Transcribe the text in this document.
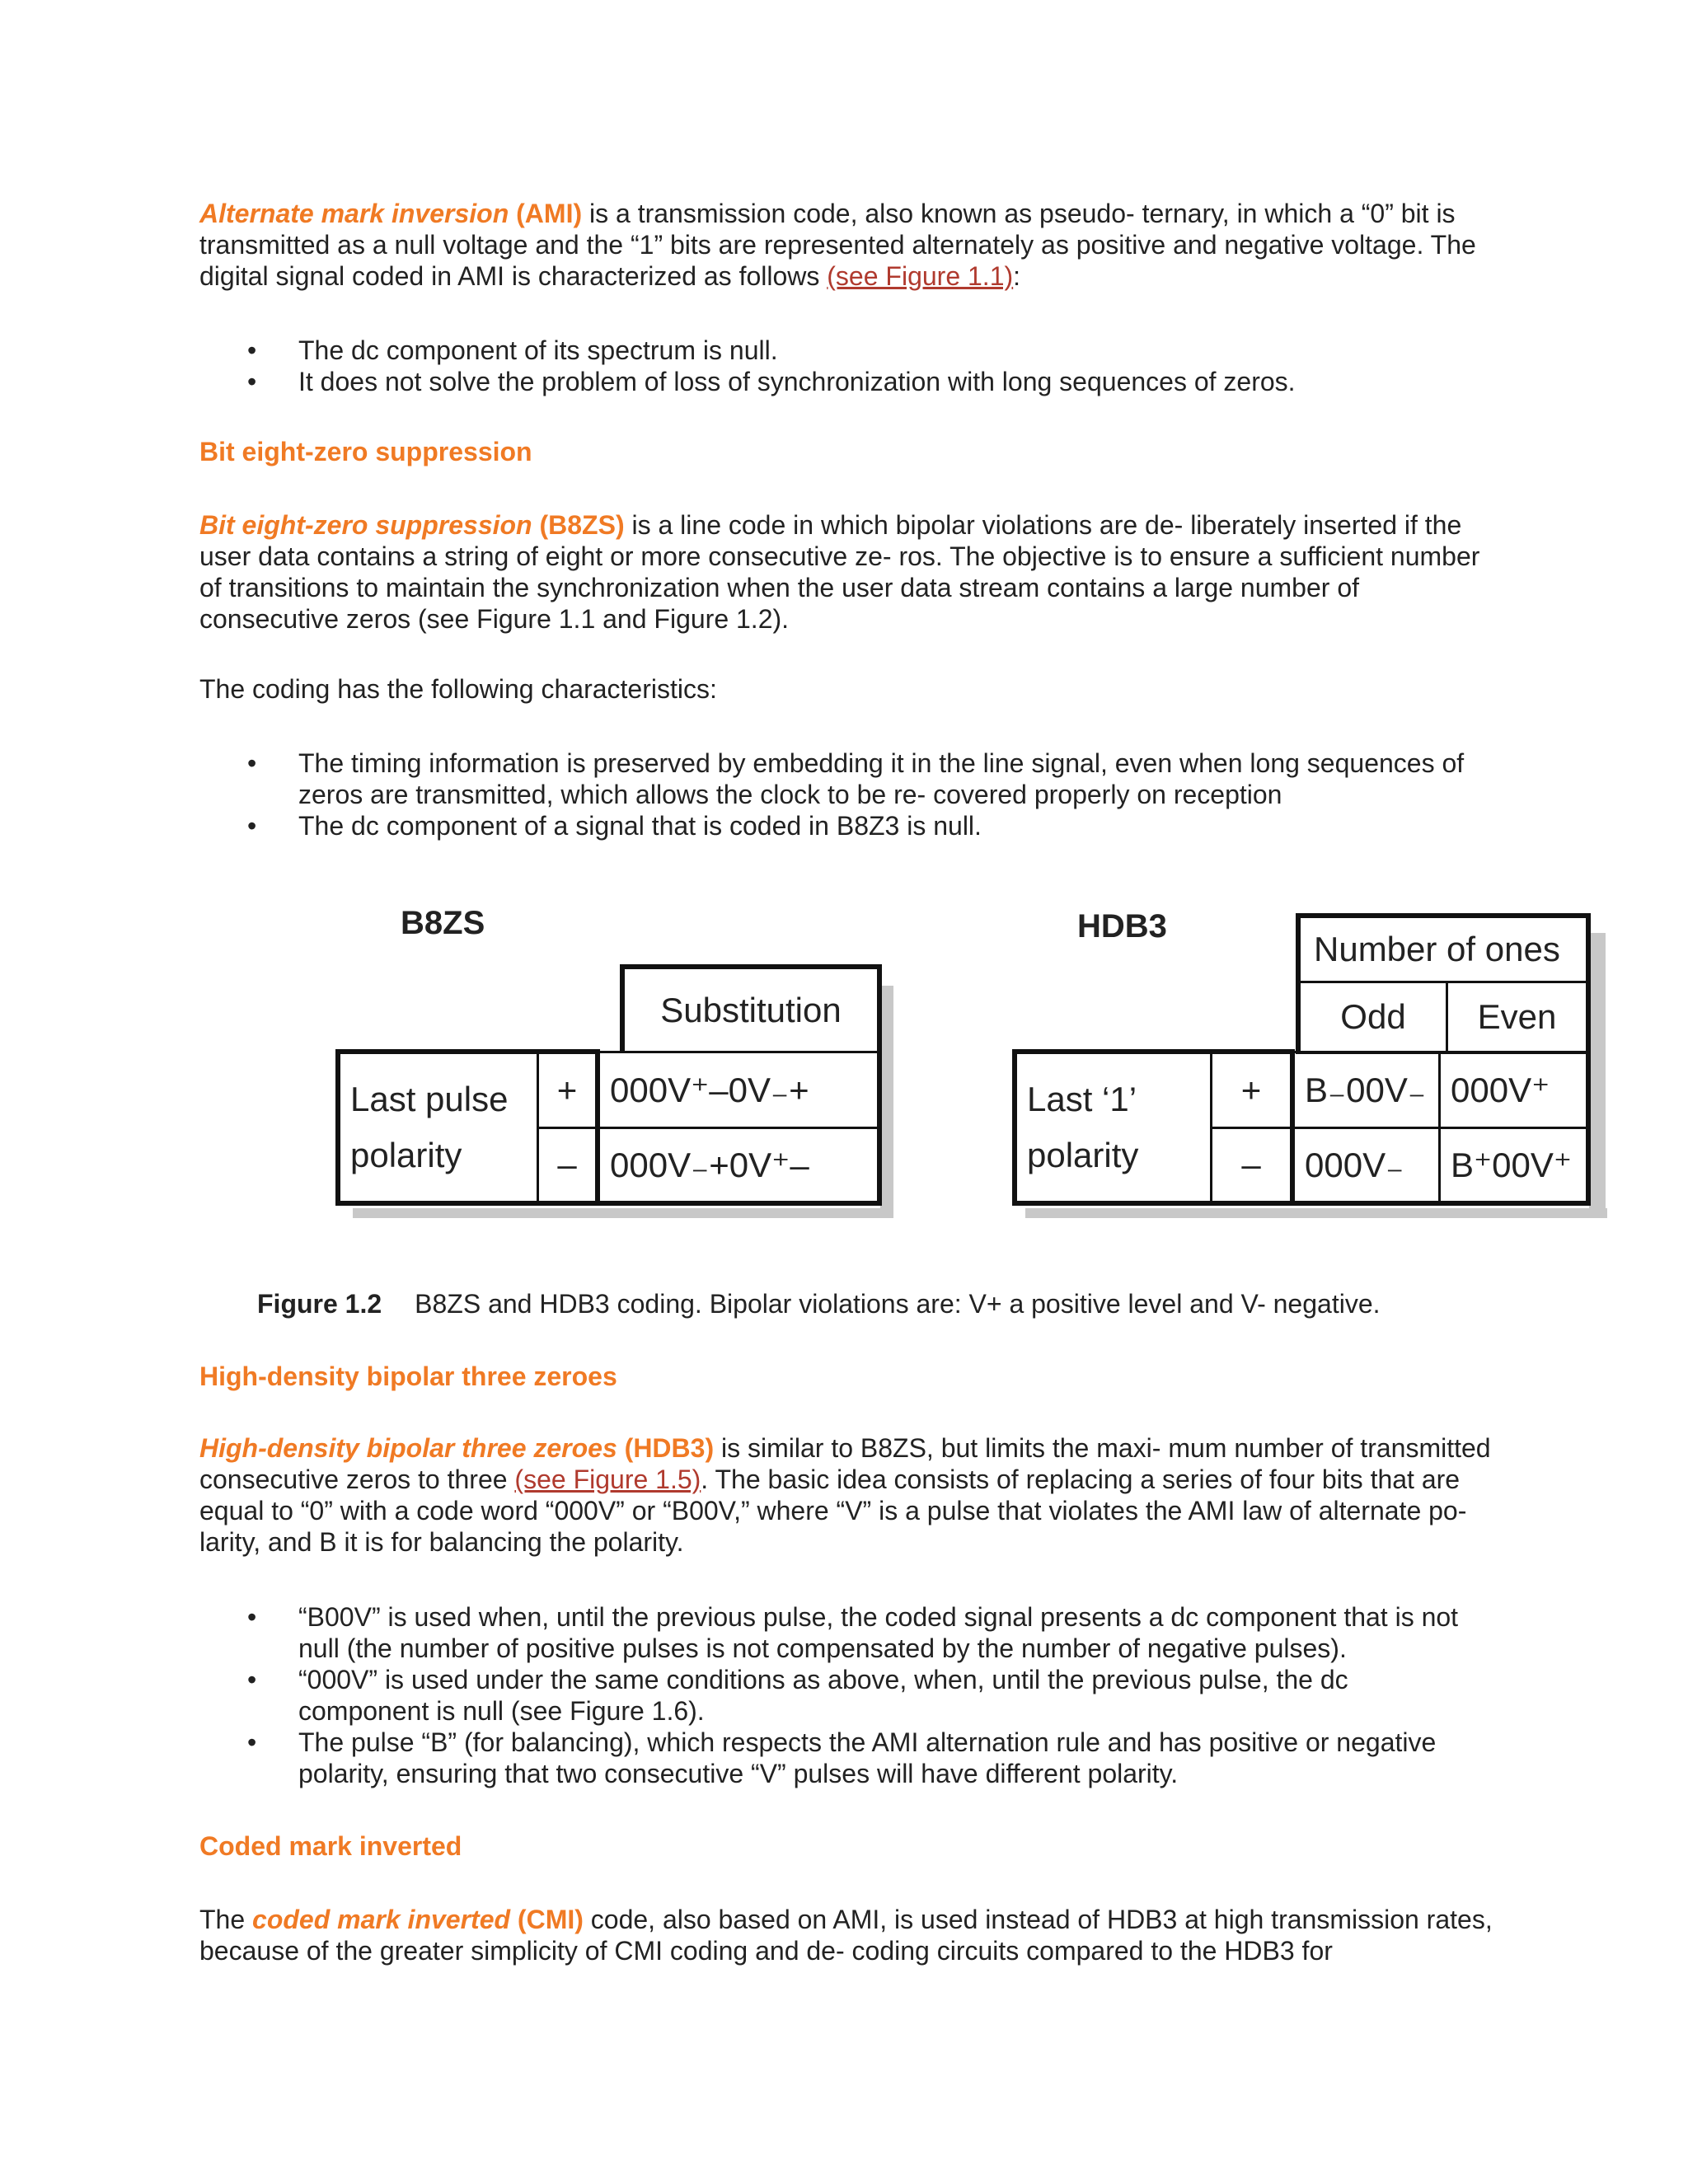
Alternate mark inversion (AMI) is a transmission code, also known as pseudo- ternary, in which a “0” bit is transmitted as a null voltage and the “1” bits are represented alternately as positive and negative voltage. The digital signal coded in AMI is characterized as follows (see Figure 1.1):

• The dc component of its spectrum is null.
• It does not solve the problem of loss of synchronization with long sequences of zeros.
Bit eight-zero suppression

Bit eight-zero suppression (B8ZS) is a line code in which bipolar violations are de- liberately inserted if the user data contains a string of eight or more consecutive ze- ros. The objective is to ensure a sufficient number of transitions to maintain the synchronization when the user data stream contains a large number of consecutive zeros (see Figure 1.1 and Figure 1.2).

The coding has the following characteristics:

• The timing information is preserved by embedding it in the line signal, even when long sequences of zeros are transmitted, which allows the clock to be re- covered properly on reception
• The dc component of a signal that is coded in B8Z3 is null.
B8ZS	HDB3
Substitution
Last pulse polarity	+	000V⁺–0V₋+
	–	000V₋+0V⁺–
Number of ones
Odd	Even
Last ‘1’ polarity	+	B₋00V₋	000V⁺
	–	000V₋	B⁺00V⁺
Figure 1.2 B8ZS and HDB3 coding. Bipolar violations are: V+ a positive level and V- negative.
High-density bipolar three zeroes

High-density bipolar three zeroes (HDB3) is similar to B8ZS, but limits the maxi- mum number of transmitted consecutive zeros to three (see Figure 1.5). The basic idea consists of replacing a series of four bits that are equal to “0” with a code word “000V” or “B00V,” where “V” is a pulse that violates the AMI law of alternate po- larity, and B it is for balancing the polarity.

• “B00V” is used when, until the previous pulse, the coded signal presents a dc component that is not null (the number of positive pulses is not compensated by the number of negative pulses).
• “000V” is used under the same conditions as above, when, until the previous pulse, the dc component is null (see Figure 1.6).
• The pulse “B” (for balancing), which respects the AMI alternation rule and has positive or negative polarity, ensuring that two consecutive “V” pulses will have different polarity.
Coded mark inverted

The coded mark inverted (CMI) code, also based on AMI, is used instead of HDB3 at high transmission rates, because of the greater simplicity of CMI coding and de- coding circuits compared to the HDB3 for
